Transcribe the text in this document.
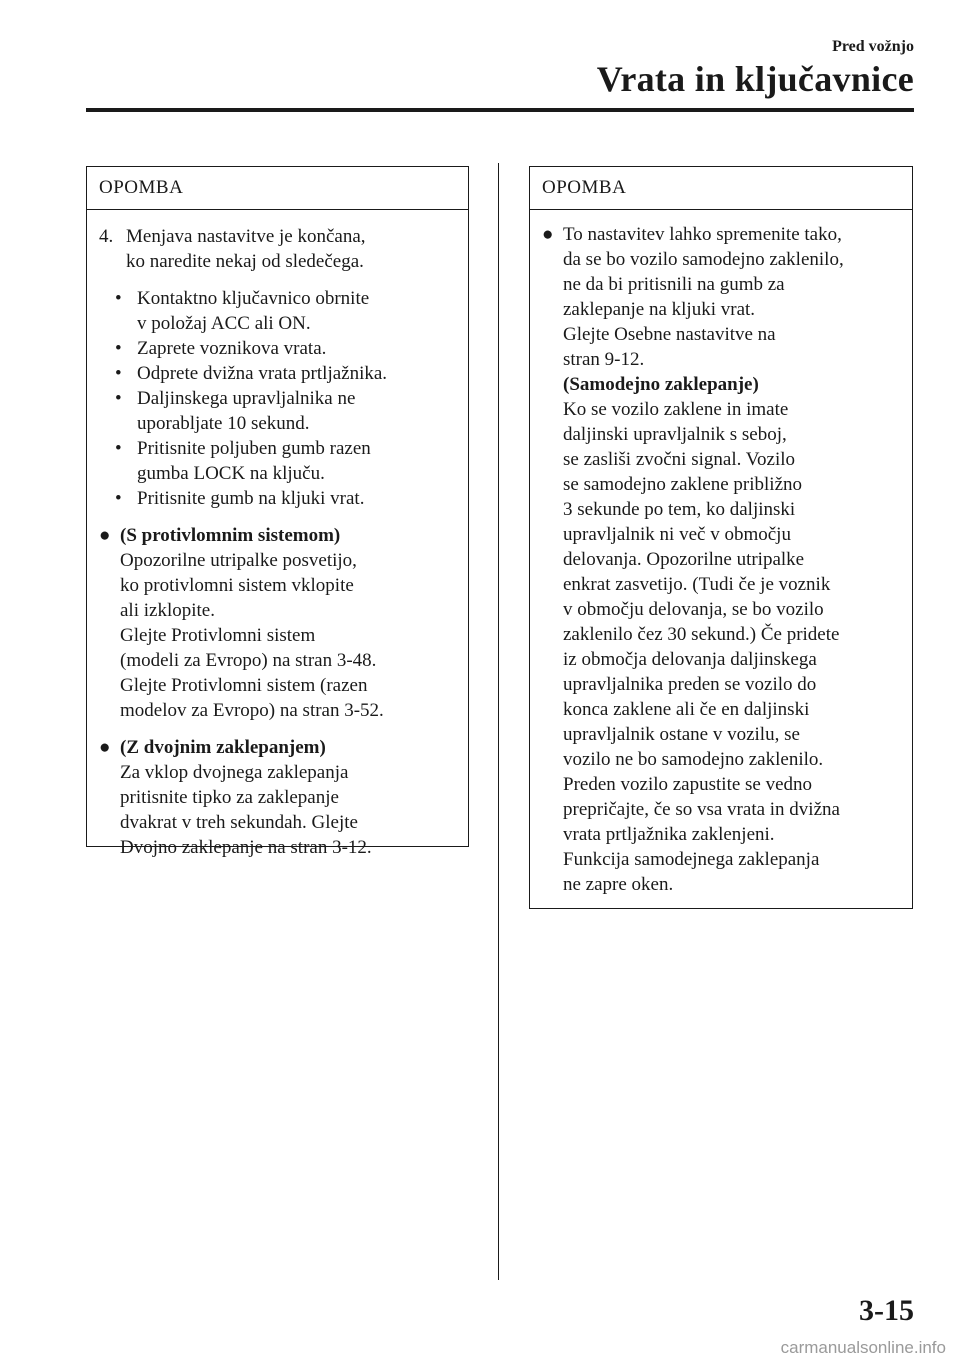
Pred vožnjo

Vrata in ključavnice
OPOMBA
4. Menjava nastavitve je končana,

ko naredite nekaj od sledečega.

• Kontaktno ključavnico obrnite

v položaj ACC ali ON.

• Zaprete voznikova vrata.

• Odprete dvižna vrata prtljažnika.

• Daljinskega upravljalnika ne

uporabljate 10 sekund.

• Pritisnite poljuben gumb razen

gumba LOCK na ključu.

• Pritisnite gumb na kljuki vrat.

● (S protivlomnim sistemom)

Opozorilne utripalke posvetijo,

ko protivlomni sistem vklopite

ali izklopite.

Glejte Protivlomni sistem

(modeli za Evropo) na stran 3-48.

Glejte Protivlomni sistem (razen

modelov za Evropo) na stran 3-52.

● (Z dvojnim zaklepanjem)

Za vklop dvojnega zaklepanja

pritisnite tipko za zaklepanje

dvakrat v treh sekundah. Glejte

Dvojno zaklepanje na stran 3-12.

OPOMBA
● To nastavitev lahko spremenite tako,

da se bo vozilo samodejno zaklenilo,

ne da bi pritisnili na gumb za

zaklepanje na kljuki vrat.

Glejte Osebne nastavitve na

stran 9-12.

(Samodejno zaklepanje)

Ko se vozilo zaklene in imate

daljinski upravljalnik s seboj,

se zasliši zvočni signal. Vozilo

se samodejno zaklene približno

3 sekunde po tem, ko daljinski

upravljalnik ni več v območju

delovanja. Opozorilne utripalke

enkrat zasvetijo. (Tudi če je voznik

v območju delovanja, se bo vozilo

zaklenilo čez 30 sekund.) Če pridete

iz območja delovanja daljinskega

upravljalnika preden se vozilo do

konca zaklene ali če en daljinski

upravljalnik ostane v vozilu, se

vozilo ne bo samodejno zaklenilo.

Preden vozilo zapustite se vedno

prepričajte, če so vsa vrata in dvižna

vrata prtljažnika zaklenjeni.

Funkcija samodejnega zaklepanja

ne zapre oken.

3-15

carmanualsonline.info
